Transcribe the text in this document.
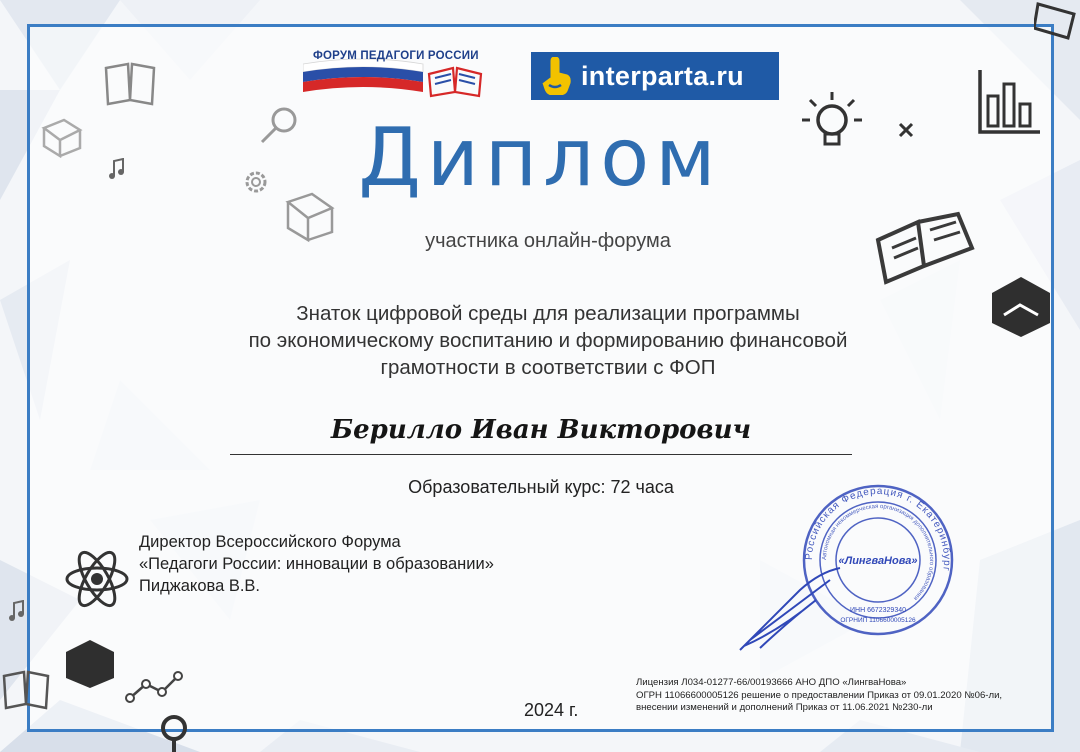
ФОРУМ ПЕДАГОГИ РОССИИ
interparta.ru
Диплом
участника онлайн-форума
Знаток цифровой среды для реализации программы
по экономическому воспитанию и формированию финансовой
грамотности в соответствии с ФОП
Берилло Иван Викторович
Образовательный курс: 72 часа
Директор Всероссийского Форума
«Педагоги России: инновации в образовании»
Пиджакова В.В.
Российская Федерация г. Екатеринбург
Автономная некоммерческая организация дополнительного образования
«ЛингваНова»
ИНН 6672329340
ОГРНИП 1106600005126
Лицензия Л034-01277-66/00193666 АНО ДПО «ЛингваНова»
ОГРН 11066600005126 решение о предоставлении Приказ от 09.01.2020 №06-ли,
внесении изменений и дополнений Приказ от 11.06.2021 №230-ли
2024 г.
